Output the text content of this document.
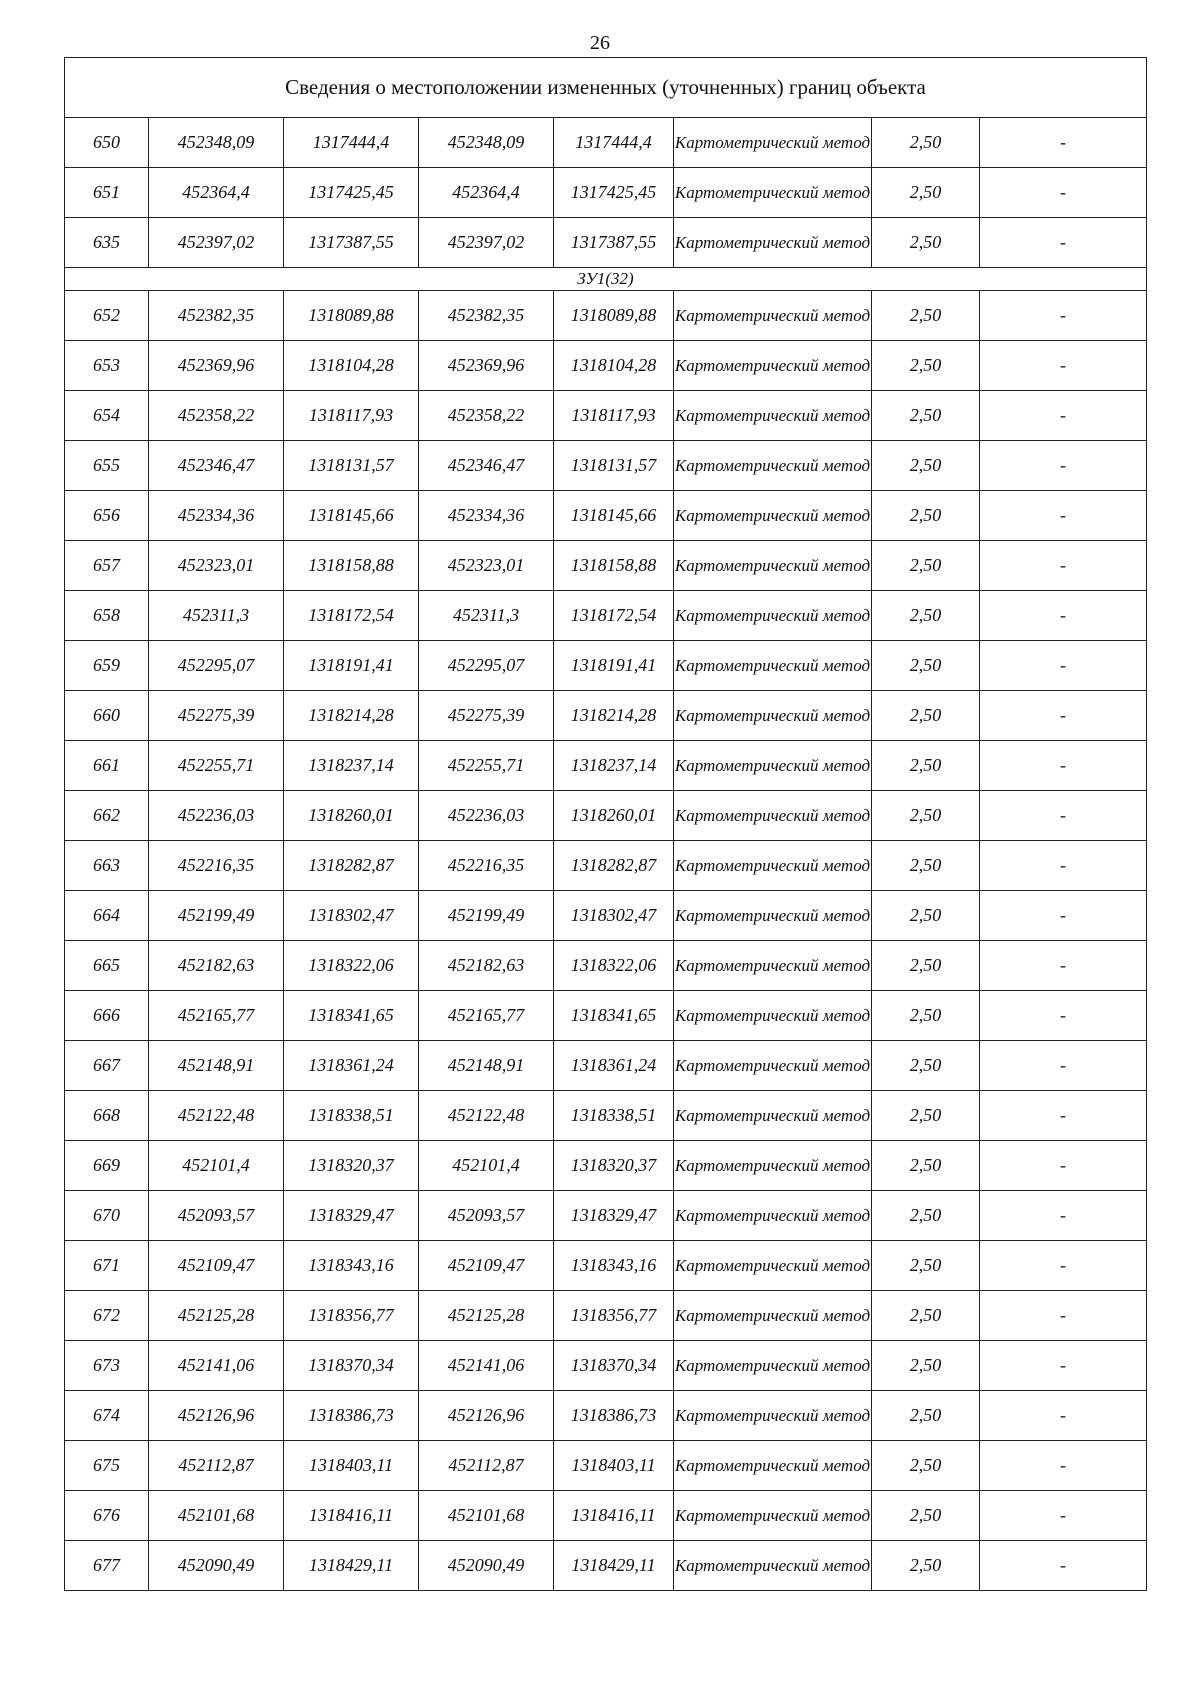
26
Сведения о местоположении измененных (уточненных) границ объекта							
650	452348,09	1317444,4	452348,09	1317444,4	Картометрический метод	2,50	-
651	452364,4	1317425,45	452364,4	1317425,45	Картометрический метод	2,50	-
635	452397,02	1317387,55	452397,02	1317387,55	Картометрический метод	2,50	-
ЗУ1(32)							
652	452382,35	1318089,88	452382,35	1318089,88	Картометрический метод	2,50	-
653	452369,96	1318104,28	452369,96	1318104,28	Картометрический метод	2,50	-
654	452358,22	1318117,93	452358,22	1318117,93	Картометрический метод	2,50	-
655	452346,47	1318131,57	452346,47	1318131,57	Картометрический метод	2,50	-
656	452334,36	1318145,66	452334,36	1318145,66	Картометрический метод	2,50	-
657	452323,01	1318158,88	452323,01	1318158,88	Картометрический метод	2,50	-
658	452311,3	1318172,54	452311,3	1318172,54	Картометрический метод	2,50	-
659	452295,07	1318191,41	452295,07	1318191,41	Картометрический метод	2,50	-
660	452275,39	1318214,28	452275,39	1318214,28	Картометрический метод	2,50	-
661	452255,71	1318237,14	452255,71	1318237,14	Картометрический метод	2,50	-
662	452236,03	1318260,01	452236,03	1318260,01	Картометрический метод	2,50	-
663	452216,35	1318282,87	452216,35	1318282,87	Картометрический метод	2,50	-
664	452199,49	1318302,47	452199,49	1318302,47	Картометрический метод	2,50	-
665	452182,63	1318322,06	452182,63	1318322,06	Картометрический метод	2,50	-
666	452165,77	1318341,65	452165,77	1318341,65	Картометрический метод	2,50	-
667	452148,91	1318361,24	452148,91	1318361,24	Картометрический метод	2,50	-
668	452122,48	1318338,51	452122,48	1318338,51	Картометрический метод	2,50	-
669	452101,4	1318320,37	452101,4	1318320,37	Картометрический метод	2,50	-
670	452093,57	1318329,47	452093,57	1318329,47	Картометрический метод	2,50	-
671	452109,47	1318343,16	452109,47	1318343,16	Картометрический метод	2,50	-
672	452125,28	1318356,77	452125,28	1318356,77	Картометрический метод	2,50	-
673	452141,06	1318370,34	452141,06	1318370,34	Картометрический метод	2,50	-
674	452126,96	1318386,73	452126,96	1318386,73	Картометрический метод	2,50	-
675	452112,87	1318403,11	452112,87	1318403,11	Картометрический метод	2,50	-
676	452101,68	1318416,11	452101,68	1318416,11	Картометрический метод	2,50	-
677	452090,49	1318429,11	452090,49	1318429,11	Картометрический метод	2,50	-
